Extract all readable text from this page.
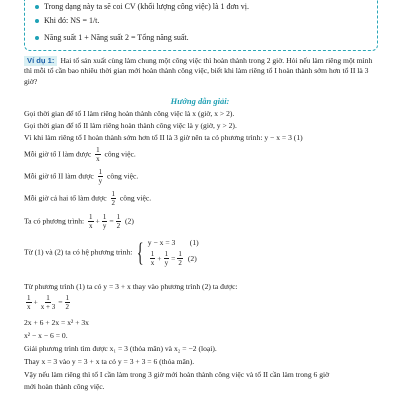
Trong dạng này ta sẽ coi CV (khối lượng công việc) là 1 đơn vị.
Khi đó: NS = 1/t.
Năng suất 1 + Năng suất 2 = Tổng năng suất.
Ví dụ 1: Hai tổ sản xuất cùng làm chung một công việc thì hoàn thành trong 2 giờ. Hỏi nếu làm riêng một mình thì mỗi tổ cần bao nhiêu thời gian mới hoàn thành công việc, biết khi làm riêng tổ I hoàn thành sớm hơn tổ II là 3 giờ?
Hướng dẫn giải:
Gọi thời gian để tổ I làm riêng hoàn thành công việc là x (giờ, x > 2).
Gọi thời gian để tổ II làm riêng hoàn thành công việc là y (giờ, y > 2).
Vì khi làm riêng tổ I hoàn thành sớm hơn tổ II là 3 giờ nên ta có phương trình: y − x = 3 (1)
Mỗi giờ tổ I làm được $\frac{1}{x}$ công việc.
Mỗi giờ tổ II làm được $\frac{1}{y}$ công việc.
Mỗi giờ cả hai tổ làm được $\frac{1}{2}$ công việc.
Ta có phương trình: $\frac{1}{x} + \frac{1}{y} = \frac{1}{2} (2)$
Từ (1) và (2) ta có hệ phương trình: { y − x = 3	(1)
$\frac{1}{x} + \frac{1}{y} = \frac{1}{2} (2)$
Từ phương trình (1) ta có y = 3 + x thay vào phương trình (2) ta được:
$\frac{1}{x} + \frac{1}{x + 3} = \frac{1}{2}$
2x + 6 + 2x = x² + 3x
x² − x − 6 = 0.
Giải phương trình tìm được x₁ = 3 (thỏa mãn) và x₂ = −2 (loại).
Thay x = 3 vào y = 3 + x ta có y = 3 + 3 = 6 (thỏa mãn).
Vậy nếu làm riêng thì tổ I cần làm trong 3 giờ mới hoàn thành công việc và tổ II cần làm trong 6 giờ
mới hoàn thành công việc.
